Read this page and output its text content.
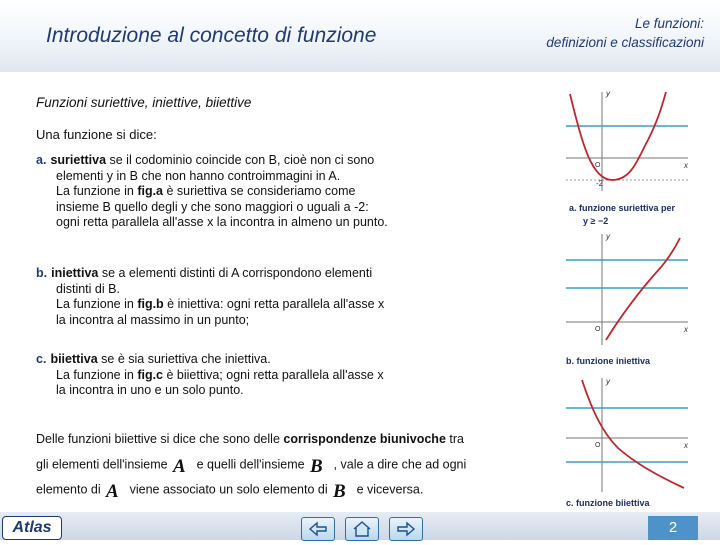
Introduzione al concetto di funzione
Le funzioni:
definizioni e classificazioni
Funzioni suriettive, iniettive, biiettive
Una funzione si dice:
a. suriettiva se il codominio coincide con B, cioè non ci sono
elementi y in B che non hanno controimmagini in A.
La funzione in fig.a è suriettiva se consideriamo come
insieme B quello degli y che sono maggiori o uguali a -2:
ogni retta parallela all'asse x la incontra in almeno un punto.
b. iniettiva se a elementi distinti di A corrispondono elementi
distinti di B.
La funzione in fig.b è iniettiva: ogni retta parallela all'asse x
la incontra al massimo in un punto;
c. biiettiva se è sia suriettiva che iniettiva.
La funzione in fig.c è biiettiva; ogni retta parallela all'asse x
la incontra in uno e un solo punto.
Delle funzioni biiettive si dice che sono delle corrispondenze biunivoche tra
gli elementi dell'insieme A e quelli dell'insieme B , vale a dire che ad ogni
elemento di A viene associato un solo elemento di B e viceversa.
y
x
-2
O
a. funzione suriettiva per
y ≥ −2
y
x
O
b. funzione iniettiva
y
x
O
c. funzione biiettiva
Atlas	2
